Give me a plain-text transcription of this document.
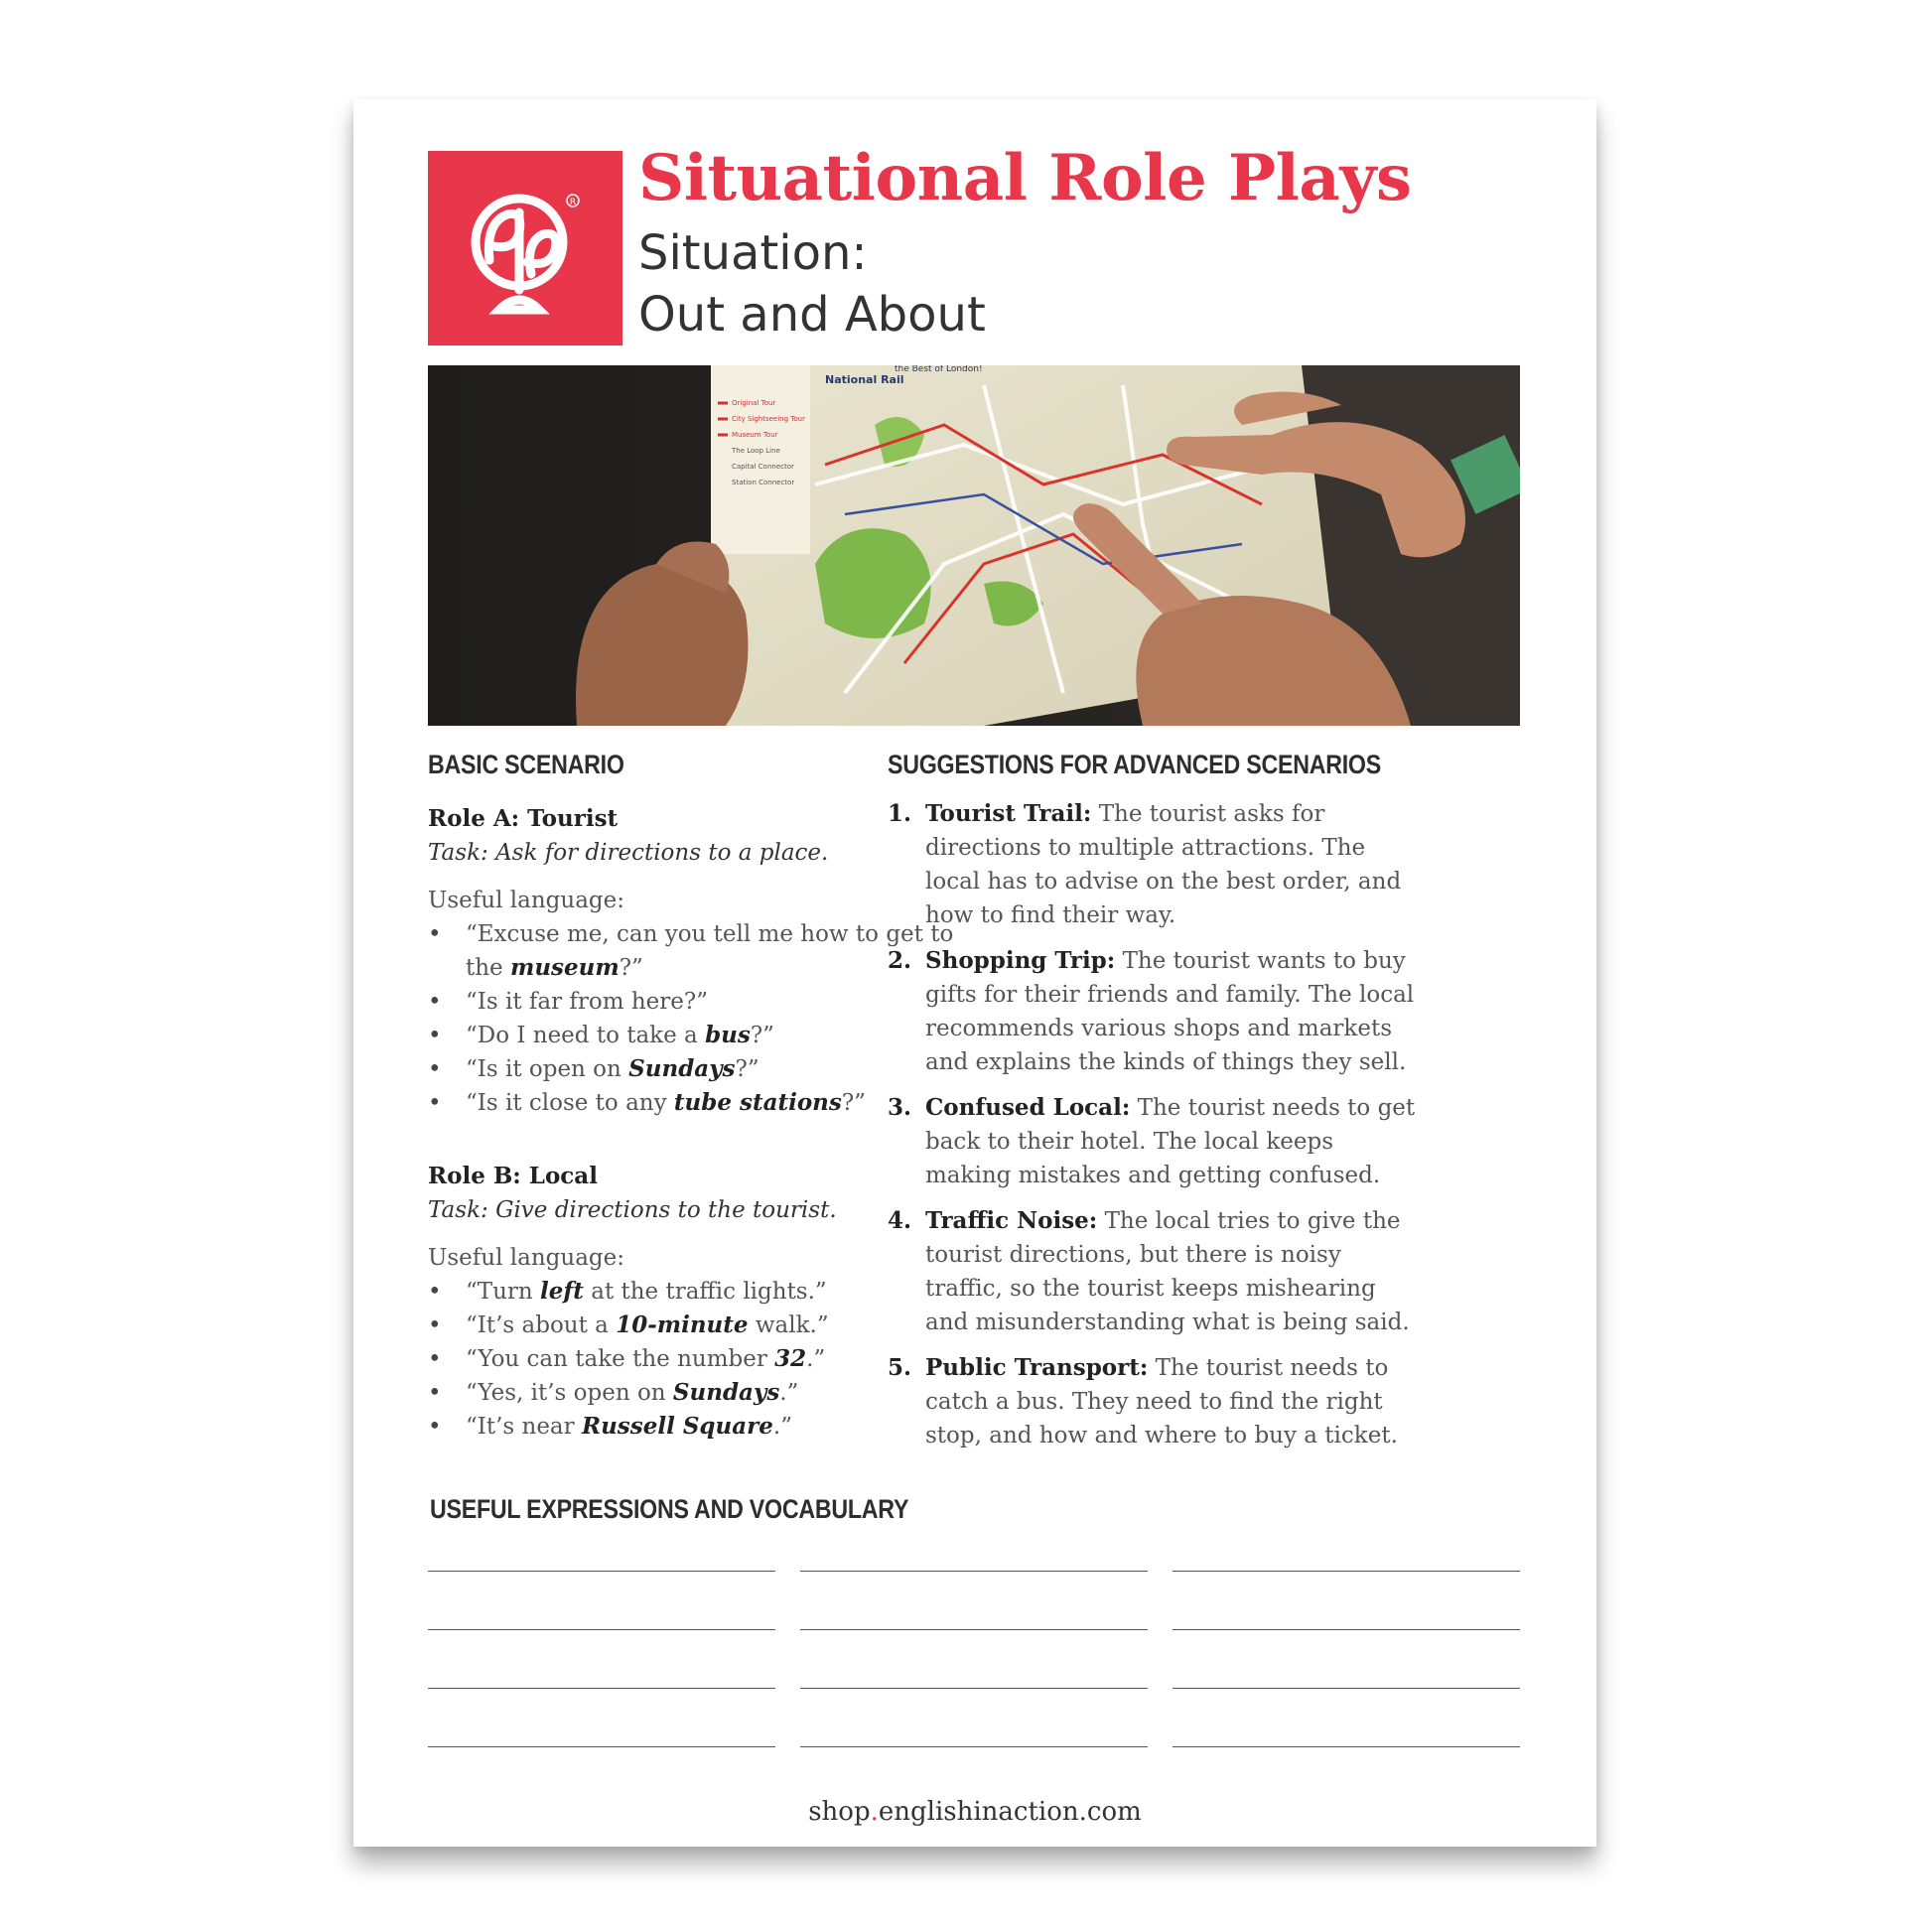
R Situational Role Plays
Situation:
Out and About
Original Tour
City Sightseeing Tour
Museum Tour
The Loop Line
Capital Connector
Station Connector
National Rail
the Best of London!
BASIC SCENARIO	SUGGESTIONS FOR ADVANCED SCENARIOS
Role A: Tourist
Task: Ask for directions to a place.
Useful language:
• “Excuse me, can you tell me how to get to the museum?”
• “Is it far from here?”
• “Do I need to take a bus?”
• “Is it open on Sundays?”
• “Is it close to any tube stations?”
Role B: Local
Task: Give directions to the tourist.
Useful language:
• “Turn left at the traffic lights.”
• “It’s about a 10-minute walk.”
• “You can take the number 32.”
• “Yes, it’s open on Sundays.”
• “It’s near Russell Square.”
1. Tourist Trail: The tourist asks for directions to multiple attractions. The local has to advise on the best order, and how to find their way.
2. Shopping Trip: The tourist wants to buy gifts for their friends and family. The local recommends various shops and markets and explains the kinds of things they sell.
3. Confused Local: The tourist needs to get back to their hotel. The local keeps making mistakes and getting confused.
4. Traffic Noise: The local tries to give the tourist directions, but there is noisy traffic, so the tourist keeps mishearing and misunderstanding what is being said.
5. Public Transport: The tourist needs to catch a bus. They need to find the right stop, and how and where to buy a ticket.
USEFUL EXPRESSIONS AND VOCABULARY
shop.englishinaction.com
